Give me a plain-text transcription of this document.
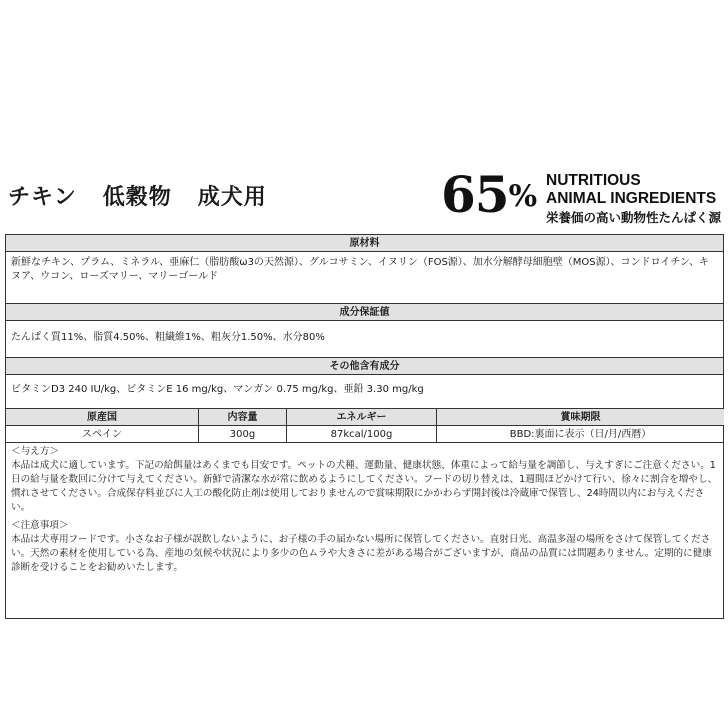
チキン 低穀物 成犬用	65% NUTRITIOUS
ANIMAL INGREDIENTS
栄養価の高い動物性たんぱく源
原材料
新鮮なチキン、プラム、ミネラル、亜麻仁（脂肪酸ω3の天然源）、グルコサミン、イヌリン（FOS源）、加水分解酵母細胞壁（MOS源）、コンドロイチン、キヌア、ウコン、ローズマリー、マリーゴールド
成分保証値
たんぱく質11%、脂質4.50%、粗繊維1%、粗灰分1.50%、水分80%
その他含有成分
ビタミンD3 240 IU/kg、ビタミンE 16 mg/kg、マンガン 0.75 mg/kg、亜鉛 3.30 mg/kg
原産国	内容量	エネルギー	賞味期限
スペイン	300g	87kcal/100g	BBD:裏面に表示（日/月/西暦）

＜与え方＞

本品は成犬に適しています。下記の給餌量はあくまでも目安です。ペットの犬種、運動量、健康状態、体重によって給与量を調節し、与えすぎにご注意ください。1日の給与量を数回に分けて与えてください。新鮮で清潔な水が常に飲めるようにしてください。フードの切り替えは、1週間ほどかけて行い、徐々に割合を増やし、慣れさせてください。合成保存料並びに人工の酸化防止剤は使用しておりませんので賞味期限にかかわらず開封後は冷蔵庫で保管し、24時間以内にお与えください。

＜注意事項＞

本品は犬専用フードです。小さなお子様が誤飲しないように、お子様の手の届かない場所に保管してください。直射日光、高温多湿の場所をさけて保管してください。天然の素材を使用している為、産地の気候や状況により多少の色ムラや大きさに差がある場合がございますが、商品の品質には問題ありません。定期的に健康診断を受けることをお勧めいたします。
